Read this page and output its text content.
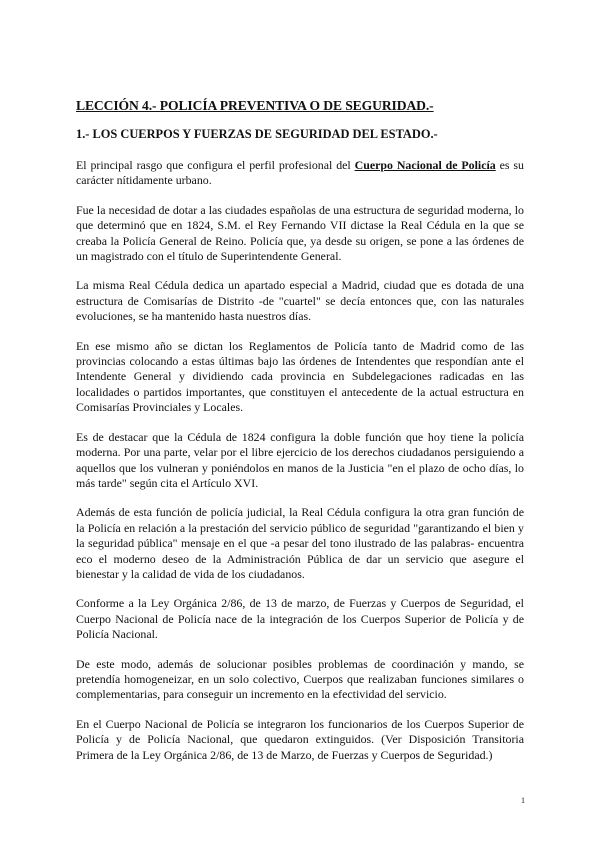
LECCIÓN 4.- POLICÍA PREVENTIVA O DE SEGURIDAD.-
1.- LOS CUERPOS Y FUERZAS DE SEGURIDAD DEL ESTADO.-

El principal rasgo que configura el perfil profesional del Cuerpo Nacional de Policía es su carácter nítidamente urbano.

Fue la necesidad de dotar a las ciudades españolas de una estructura de seguridad moderna, lo que determinó que en 1824, S.M. el Rey Fernando VII dictase la Real Cédula en la que se creaba la Policía General de Reino. Policía que, ya desde su origen, se pone a las órdenes de un magistrado con el título de Superintendente General.

La misma Real Cédula dedica un apartado especial a Madrid, ciudad que es dotada de una estructura de Comisarías de Distrito -de "cuartel" se decía entonces que, con las naturales evoluciones, se ha mantenido hasta nuestros días.

En ese mismo año se dictan los Reglamentos de Policía tanto de Madrid como de las provincias colocando a estas últimas bajo las órdenes de Intendentes que respondían ante el Intendente General y dividiendo cada provincia en Subdelegaciones radicadas en las localidades o partidos importantes, que constituyen el antecedente de la actual estructura en Comisarías Provinciales y Locales.

Es de destacar que la Cédula de 1824 configura la doble función que hoy tiene la policía moderna. Por una parte, velar por el libre ejercicio de los derechos ciudadanos persiguiendo a aquellos que los vulneran y poniéndolos en manos de la Justicia "en el plazo de ocho días, lo más tarde" según cita el Artículo XVI.

Además de esta función de policía judicial, la Real Cédula configura la otra gran función de la Policía en relación a la prestación del servicio público de seguridad "garantizando el bien y la seguridad pública" mensaje en el que -a pesar del tono ilustrado de las palabras- encuentra eco el moderno deseo de la Administración Pública de dar un servicio que asegure el bienestar y la calidad de vida de los ciudadanos.

Conforme a la Ley Orgánica 2/86, de 13 de marzo, de Fuerzas y Cuerpos de Seguridad, el Cuerpo Nacional de Policía nace de la integración de los Cuerpos Superior de Policía y de Policía Nacional.

De este modo, además de solucionar posibles problemas de coordinación y mando, se pretendía homogeneizar, en un solo colectivo, Cuerpos que realizaban funciones similares o complementarias, para conseguir un incremento en la efectividad del servicio.

En el Cuerpo Nacional de Policía se integraron los funcionarios de los Cuerpos Superior de Policía y de Policía Nacional, que quedaron extinguidos. (Ver Disposición Transitoria Primera de la Ley Orgánica 2/86, de 13 de Marzo, de Fuerzas y Cuerpos de Seguridad.)

1
